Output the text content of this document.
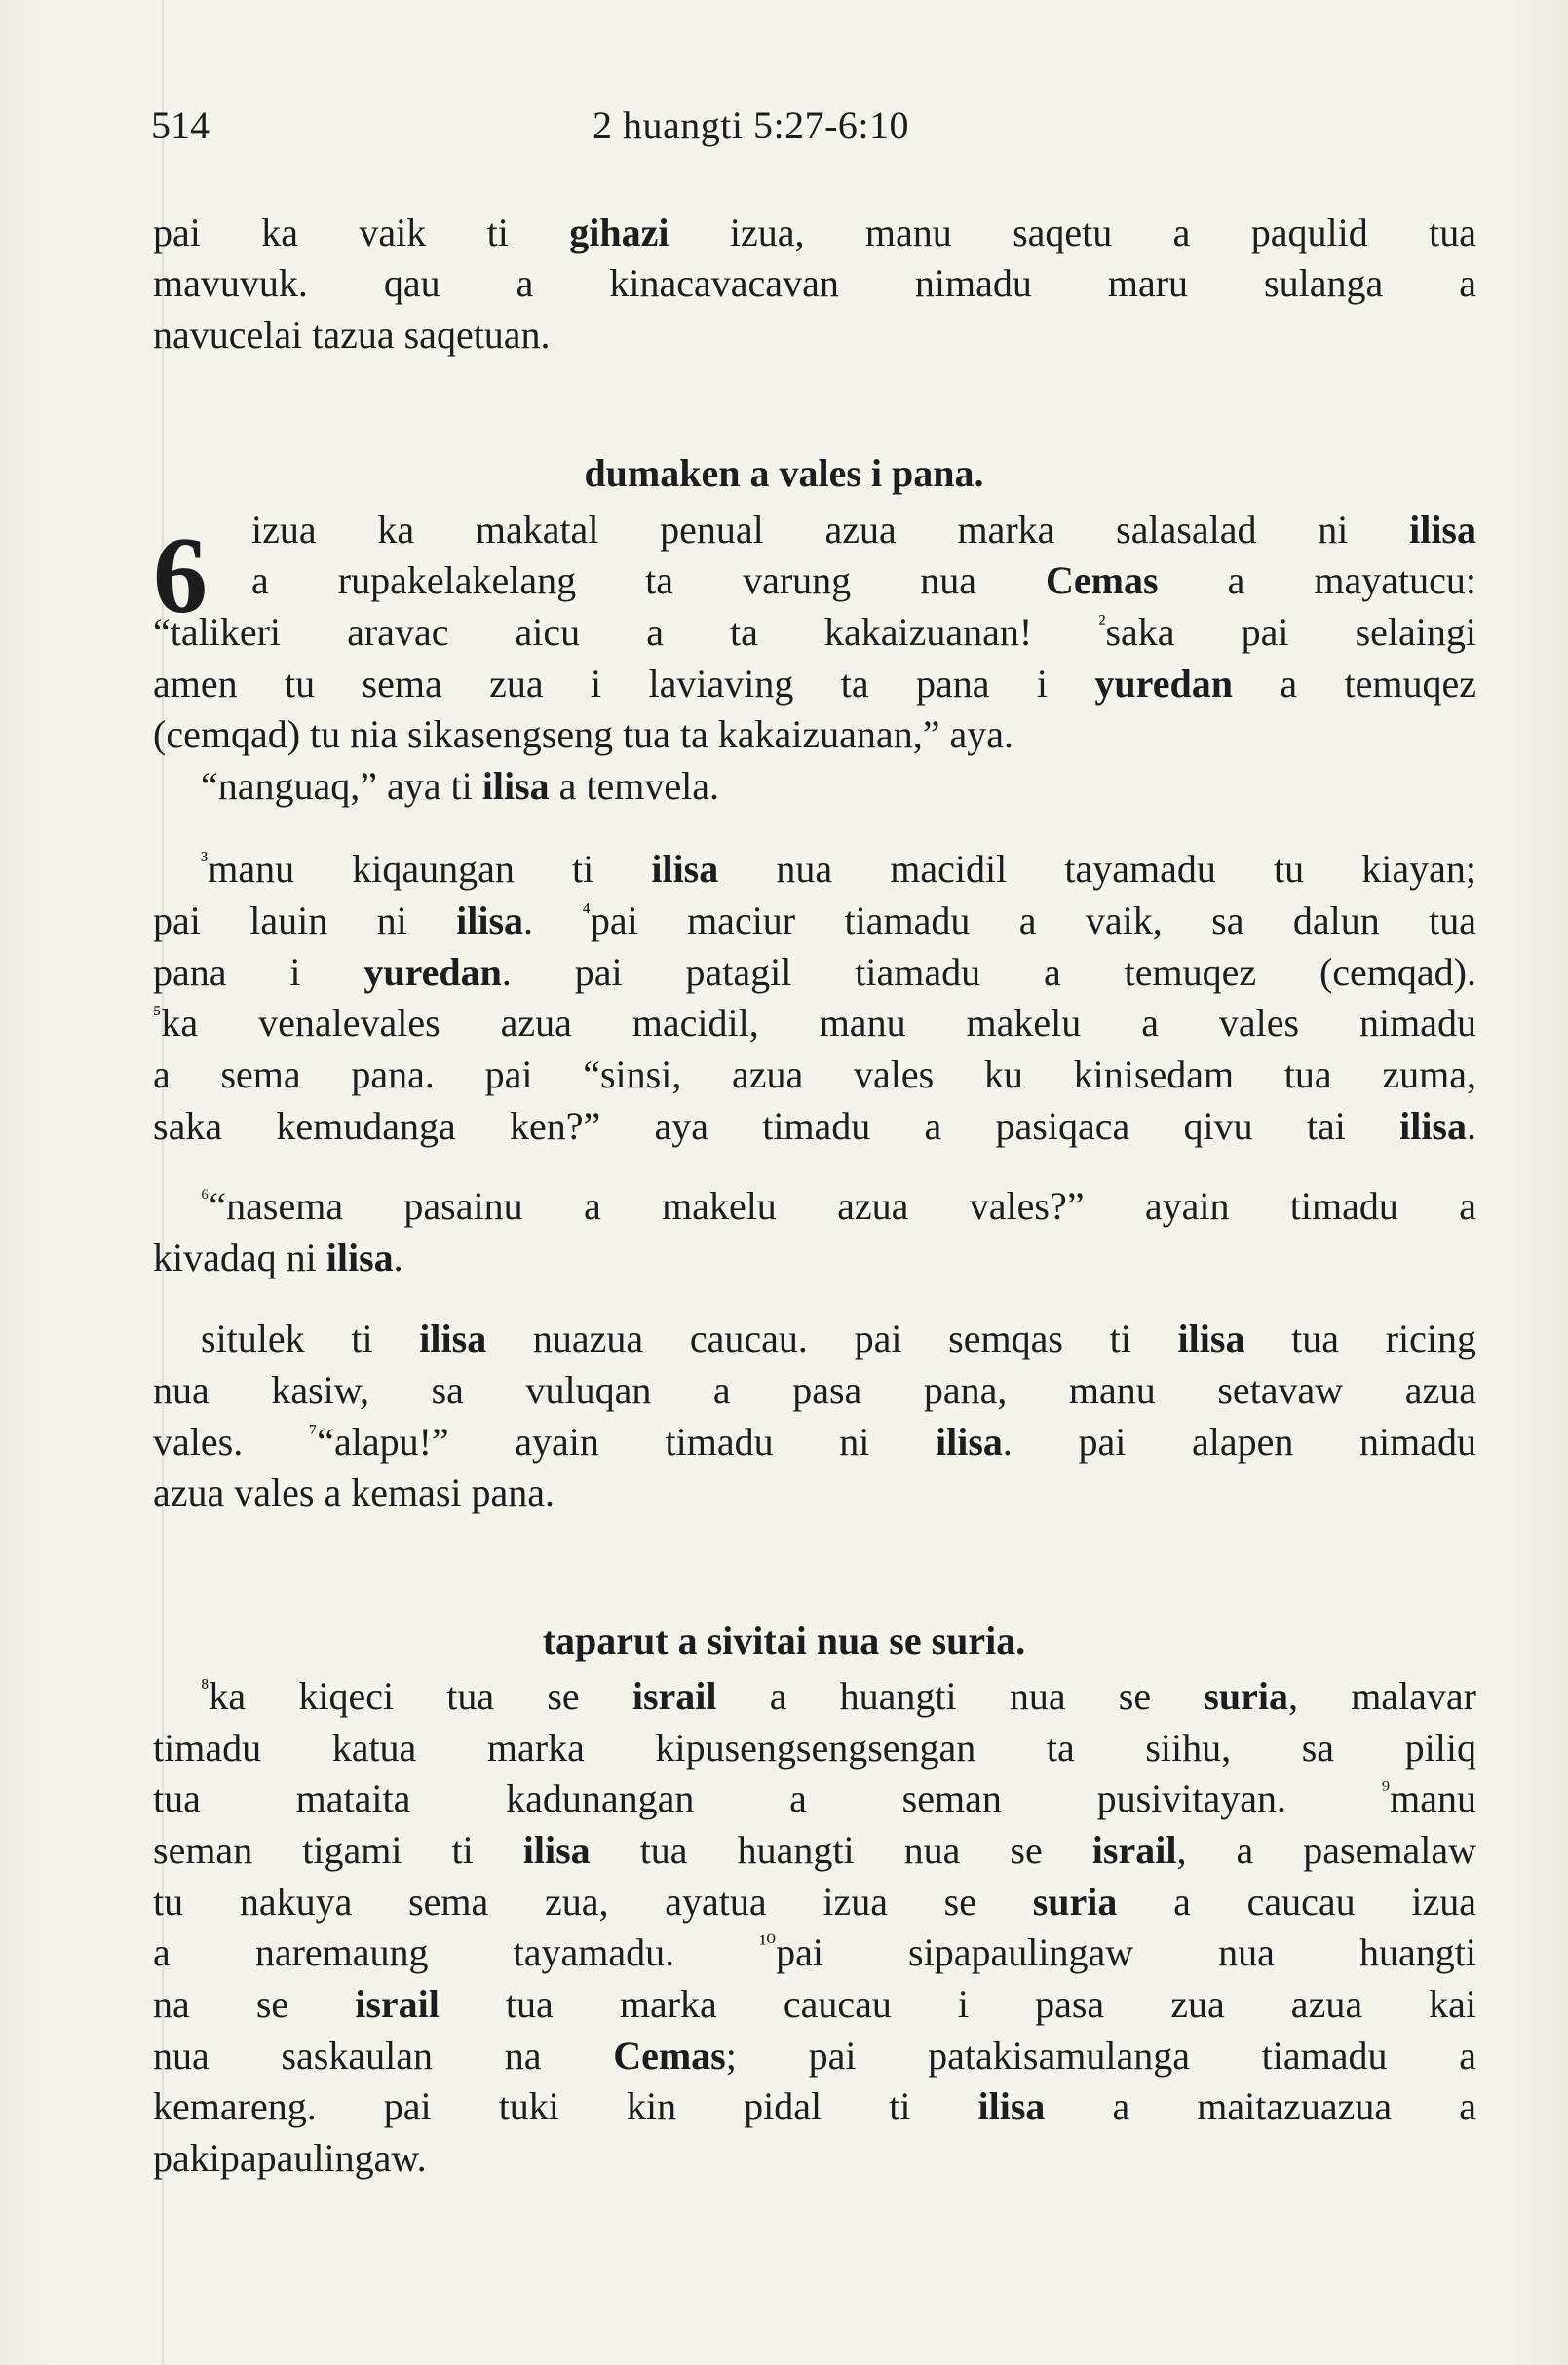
514	2 huangti 5:27-6:10

pai ka vaik ti gihazi izua, manu saqetu a paqulid tua

mavuvuk. qau a kinacavacavan nimadu maru sulanga a

navucelai tazua saqetuan.

dumaken a vales i pana.

6 izua ka makatal penual azua marka salasalad ni ilisa

a rupakelakelang ta varung nua Cemas a mayatucu:

“talikeri aravac aicu a ta kakaizuanan! $^{^2}$saka pai selaingi

amen tu sema zua i laviaving ta pana i yuredan a temuqez

(cemqad) tu nia sikasengseng tua ta kakaizuanan,” aya.

“nanguaq,” aya ti ilisa a temvela.

$^{^3}$manu kiqaungan ti ilisa nua macidil tayamadu tu kiayan;

pai lauin ni ilisa. $^{^4}$pai maciur tiamadu a vaik, sa dalun tua

pana i yuredan. pai patagil tiamadu a temuqez (cemqad).

$^{^5}$ka venalevales azua macidil, manu makelu a vales nimadu

a sema pana. pai “sinsi, azua vales ku kinisedam tua zuma,

saka kemudanga ken?” aya timadu a pasiqaca qivu tai ilisa.

$^{^6}$“nasema pasainu a makelu azua vales?” ayain timadu a

kivadaq ni ilisa.

situlek ti ilisa nuazua caucau. pai semqas ti ilisa tua ricing

nua kasiw, sa vuluqan a pasa pana, manu setavaw azua

vales. $^{^7}$“alapu!” ayain timadu ni ilisa. pai alapen nimadu

azua vales a kemasi pana.

taparut a sivitai nua se suria.

$^{^8}$ka kiqeci tua se israil a huangti nua se suria, malavar

timadu katua marka kipusengsengsengan ta siihu, sa piliq

tua mataita kadunangan a seman pusivitayan. $^{^9}$manu

seman tigami ti ilisa tua huangti nua se israil, a pasemalaw

tu nakuya sema zua, ayatua izua se suria a caucau izua

a naremaung tayamadu. $^{^{10}}$pai sipapaulingaw nua huangti

na se israil tua marka caucau i pasa zua azua kai

nua saskaulan na Cemas; pai patakisamulanga tiamadu a

kemareng. pai tuki kin pidal ti ilisa a maitazuazua a

pakipapaulingaw.
